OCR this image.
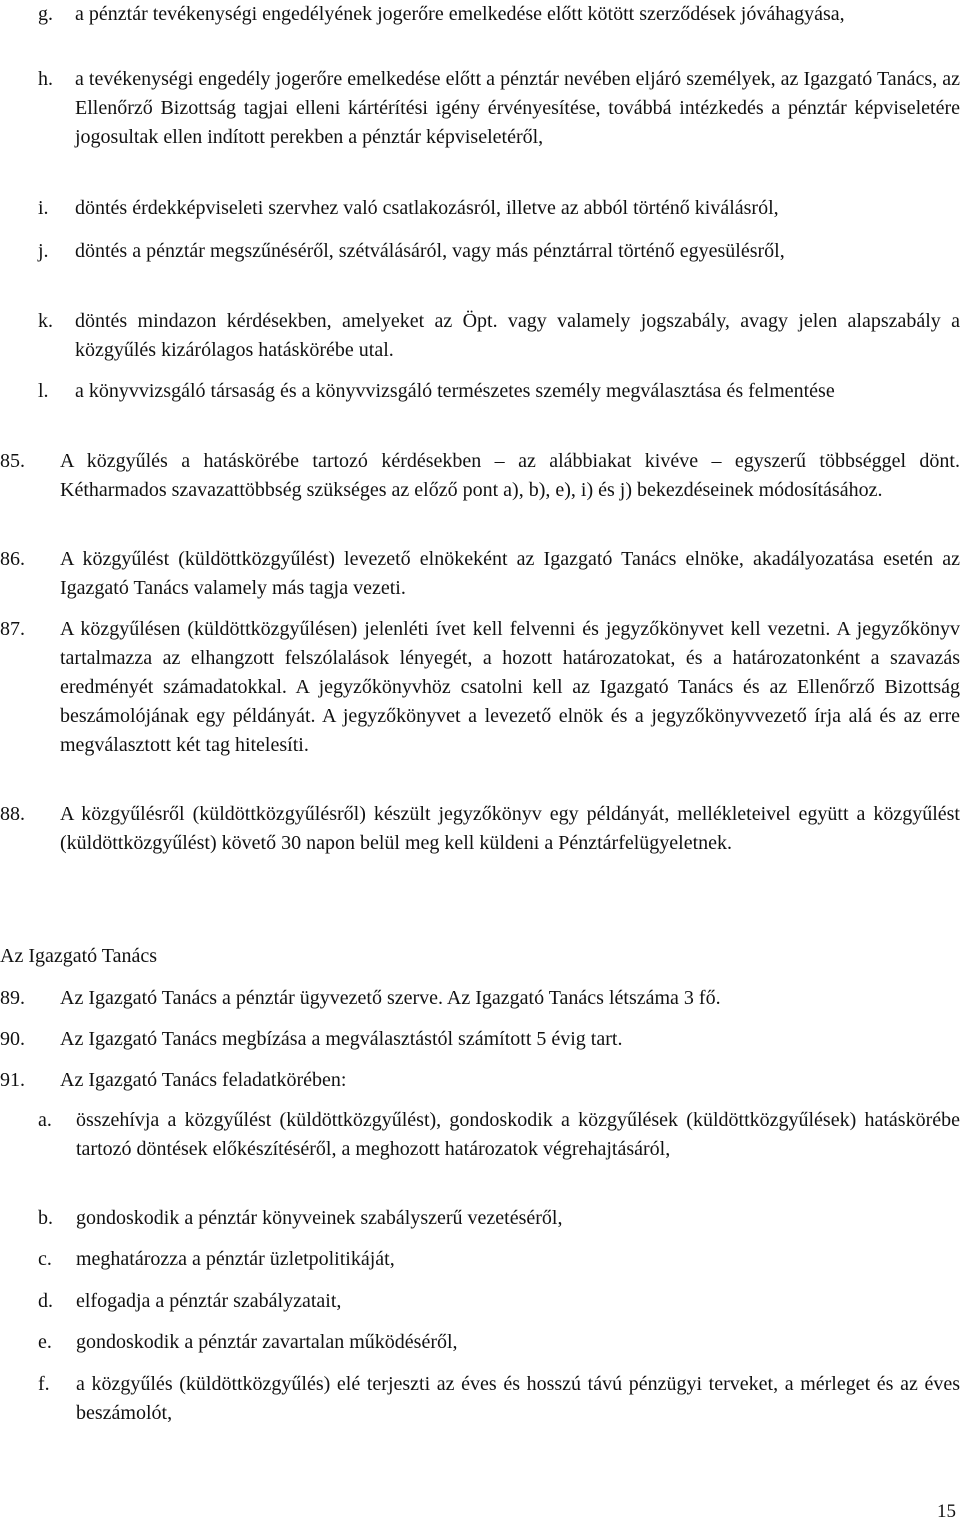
g.	a pénztár tevékenységi engedélyének jogerőre emelkedése előtt kötött szerződések jóváhagyása,
h.	a tevékenységi engedély jogerőre emelkedése előtt a pénztár nevében eljáró személyek, az Igazgató Tanács, az Ellenőrző Bizottság tagjai elleni kártérítési igény érvényesítése, továbbá intézkedés a pénztár képviseletére jogosultak ellen indított perekben a pénztár képviseletéről,
i.	döntés érdekképviseleti szervhez való csatlakozásról, illetve az abból történő kiválásról,
j.	döntés a pénztár megszűnéséről, szétválásáról, vagy más pénztárral történő egyesülésről,
k.	döntés mindazon kérdésekben, amelyeket az Öpt. vagy valamely jogszabály, avagy jelen alapszabály a közgyűlés kizárólagos hatáskörébe utal.
l.	a könyvvizsgáló társaság és a könyvvizsgáló természetes személy megválasztása és felmentése
85.	A közgyűlés a hatáskörébe tartozó kérdésekben – az alábbiakat kivéve – egyszerű többséggel dönt. Kétharmados szavazattöbbség szükséges az előző pont a), b), e), i) és j) bekezdéseinek módosításához.
86.	A közgyűlést (küldöttközgyűlést) levezető elnökeként az Igazgató Tanács elnöke, akadályozatása esetén az Igazgató Tanács valamely más tagja vezeti.
87.	A közgyűlésen (küldöttközgyűlésen) jelenléti ívet kell felvenni és jegyzőkönyvet kell vezetni. A jegyzőkönyv tartalmazza az elhangzott felszólalások lényegét, a hozott határozatokat, és a határozatonként a szavazás eredményét számadatokkal. A jegyzőkönyvhöz csatolni kell az Igazgató Tanács és az Ellenőrző Bizottság beszámolójának egy példányát. A jegyzőkönyvet a levezető elnök és a jegyzőkönyvvezető írja alá és az erre megválasztott két tag hitelesíti.
88.	A közgyűlésről (küldöttközgyűlésről) készült jegyzőkönyv egy példányát, mellékleteivel együtt a közgyűlést (küldöttközgyűlést) követő 30 napon belül meg kell küldeni a Pénztárfelügyeletnek.
Az Igazgató Tanács
89.	Az Igazgató Tanács a pénztár ügyvezető szerve. Az Igazgató Tanács létszáma 3 fő.
90.	Az Igazgató Tanács megbízása a megválasztástól számított 5 évig tart.
91.	Az Igazgató Tanács feladatkörében:
a.	összehívja a közgyűlést (küldöttközgyűlést), gondoskodik a közgyűlések (küldöttközgyűlések) hatáskörébe tartozó döntések előkészítéséről, a meghozott határozatok végrehajtásáról,
b.	gondoskodik a pénztár könyveinek szabályszerű vezetéséről,
c.	meghatározza a pénztár üzletpolitikáját,
d.	elfogadja a pénztár szabályzatait,
e.	gondoskodik a pénztár zavartalan működéséről,
f.	a közgyűlés (küldöttközgyűlés) elé terjeszti az éves és hosszú távú pénzügyi terveket, a mérleget és az éves beszámolót,
15
